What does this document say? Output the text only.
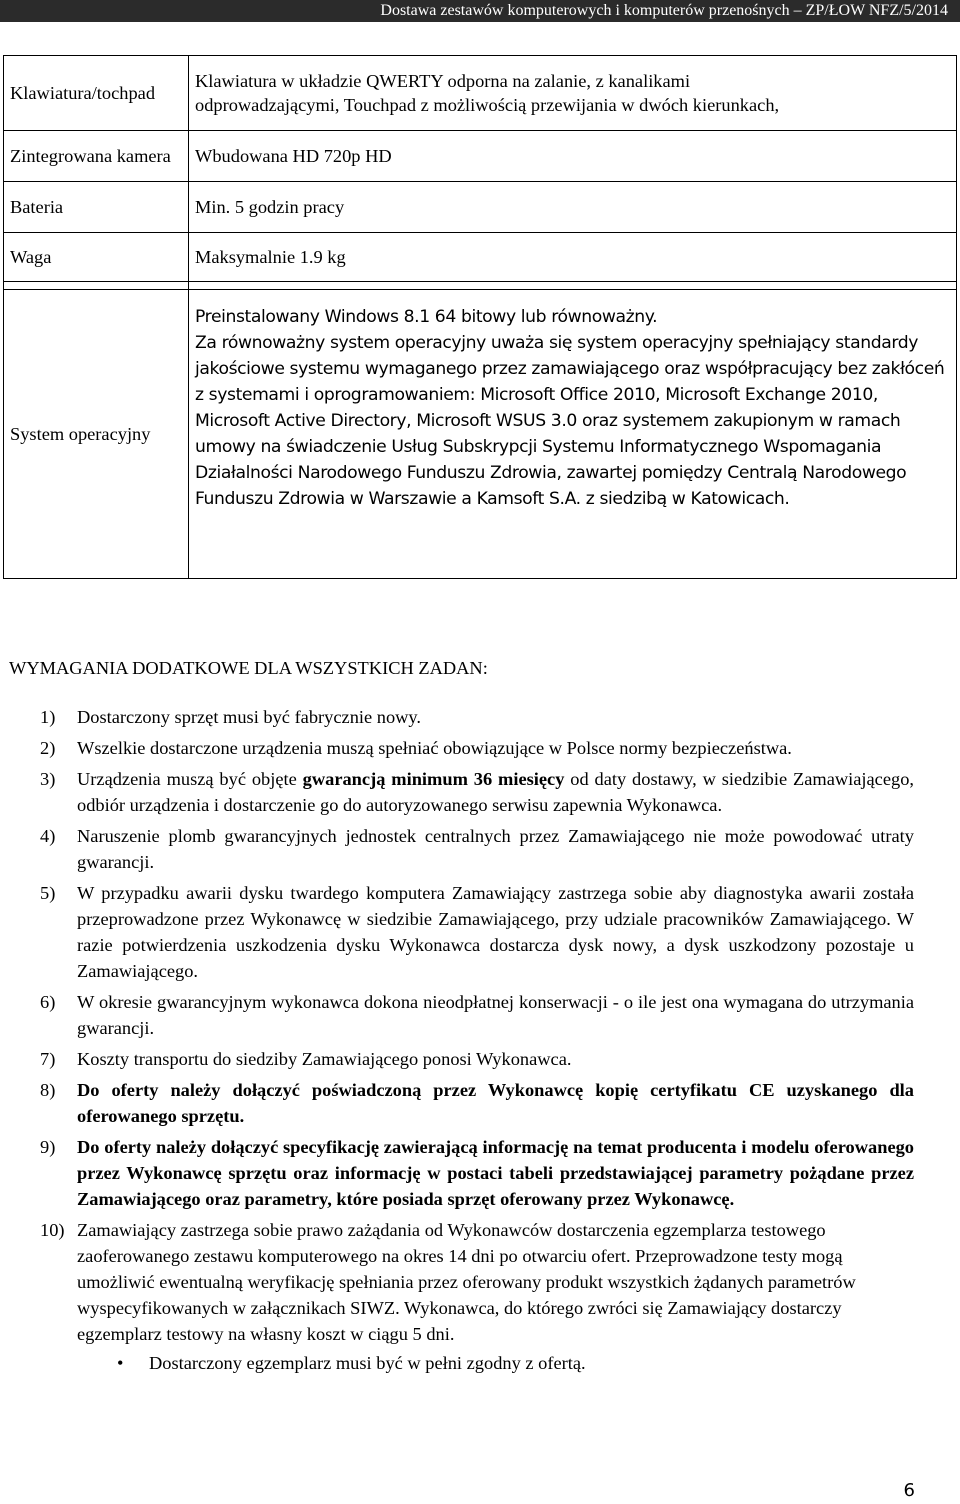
Dostawa zestawów komputerowych i komputerów przenośnych – ZP/ŁOW NFZ/5/2014
Klawiatura/tochpad	Klawiatura w układzie QWERTY odporna na zalanie, z kanalikami
odprowadzającymi, Touchpad z możliwością przewijania w dwóch kierunkach,

Zintegrowana kamera	Wbudowana HD 720p HD

Bateria	Min. 5 godzin pracy

Waga	Maksymalnie 1.9 kg

System operacyjny	Preinstalowany Windows 8.1 64 bitowy lub równoważny.
Za równoważny system operacyjny uważa się system operacyjny spełniający standardy jakościowe systemu wymaganego przez zamawiającego oraz współpracujący bez zakłóceń z systemami i oprogramowaniem: Microsoft Office 2010, Microsoft Exchange 2010, Microsoft Active Directory, Microsoft WSUS 3.0 oraz systemem zakupionym w ramach umowy na świadczenie Usług Subskrypcji Systemu Informatycznego Wspomagania Działalności Narodowego Funduszu Zdrowia, zawartej pomiędzy Centralą Narodowego Funduszu Zdrowia w Warszawie a Kamsoft S.A. z siedzibą w Katowicach.
WYMAGANIA DODATKOWE DLA WSZYSTKICH ZADAN:
1) Dostarczony sprzęt musi być fabrycznie nowy.
2) Wszelkie dostarczone urządzenia muszą spełniać obowiązujące w Polsce normy bezpieczeństwa.
3) Urządzenia muszą być objęte gwarancją minimum 36 miesięcy od daty dostawy, w siedzibie Zamawiającego, odbiór urządzenia i dostarczenie go do autoryzowanego serwisu zapewnia Wykonawca.
4) Naruszenie plomb gwarancyjnych jednostek centralnych przez Zamawiającego nie może powodować utraty gwarancji.
5) W przypadku awarii dysku twardego komputera Zamawiający zastrzega sobie aby diagnostyka awarii została przeprowadzone przez Wykonawcę w siedzibie Zamawiającego, przy udziale pracowników Zamawiającego. W razie potwierdzenia uszkodzenia dysku Wykonawca dostarcza dysk nowy, a dysk uszkodzony pozostaje u Zamawiającego.
6) W okresie gwarancyjnym wykonawca dokona nieodpłatnej konserwacji - o ile jest ona wymagana do utrzymania gwarancji.
7) Koszty transportu do siedziby Zamawiającego ponosi Wykonawca.
8) Do oferty należy dołączyć poświadczoną przez Wykonawcę kopię certyfikatu CE uzyskanego dla oferowanego sprzętu.
9) Do oferty należy dołączyć specyfikację zawierającą informację na temat producenta i modelu oferowanego przez Wykonawcę sprzętu oraz informację w postaci tabeli przedstawiającej parametry pożądane przez Zamawiającego oraz parametry, które posiada sprzęt oferowany przez Wykonawcę.
10) Zamawiający zastrzega sobie prawo zażądania od Wykonawców dostarczenia egzemplarza testowego zaoferowanego zestawu komputerowego na okres 14 dni po otwarciu ofert. Przeprowadzone testy mogą umożliwić ewentualną weryfikację spełniania przez oferowany produkt wszystkich żądanych parametrów wyspecyfikowanych w załącznikach SIWZ. Wykonawca, do którego zwróci się Zamawiający dostarczy egzemplarz testowy na własny koszt w ciągu 5 dni.
• Dostarczony egzemplarz musi być w pełni zgodny z ofertą.
6
